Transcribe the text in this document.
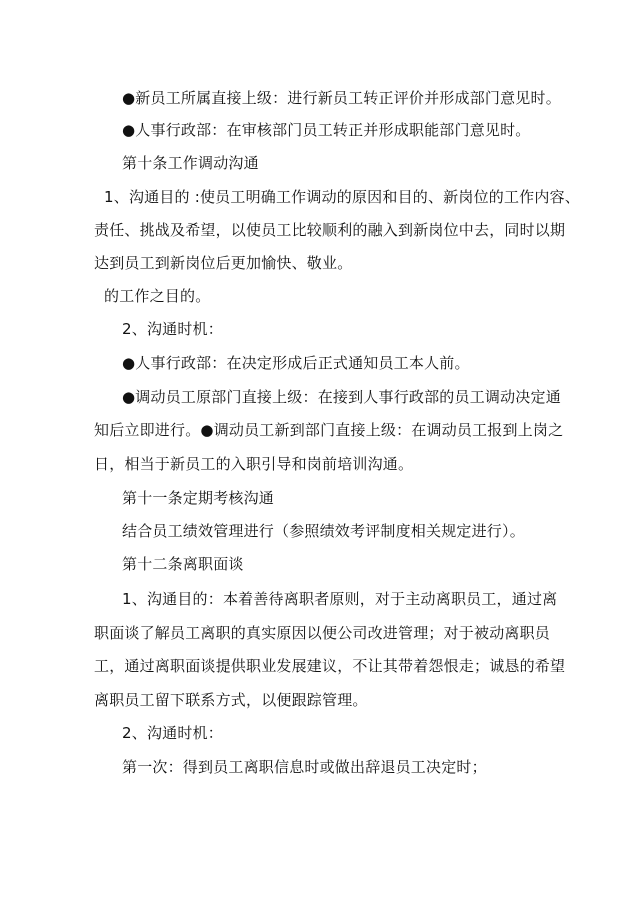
●新员工所属直接上级：进行新员工转正评价并形成部门意见时。
●人事行政部：在审核部门员工转正并形成职能部门意见时。
第十条工作调动沟通
1、沟通目的 :使员工明确工作调动的原因和目的、新岗位的工作内容、
责任、挑战及希望，以使员工比较顺利的融入到新岗位中去，同时以期
达到员工到新岗位后更加愉快、敬业。
的工作之目的。
2、沟通时机：
●人事行政部：在决定形成后正式通知员工本人前。
●调动员工原部门直接上级：在接到人事行政部的员工调动决定通
知后立即进行。●调动员工新到部门直接上级：在调动员工报到上岗之
日，相当于新员工的入职引导和岗前培训沟通。
第十一条定期考核沟通
结合员工绩效管理进行（参照绩效考评制度相关规定进行）。
第十二条离职面谈
1、沟通目的：本着善待离职者原则，对于主动离职员工，通过离
职面谈了解员工离职的真实原因以便公司改进管理；对于被动离职员
工，通过离职面谈提供职业发展建议，不让其带着怨恨走；诚恳的希望
离职员工留下联系方式，以便跟踪管理。
2、沟通时机：
第一次：得到员工离职信息时或做出辞退员工决定时；
